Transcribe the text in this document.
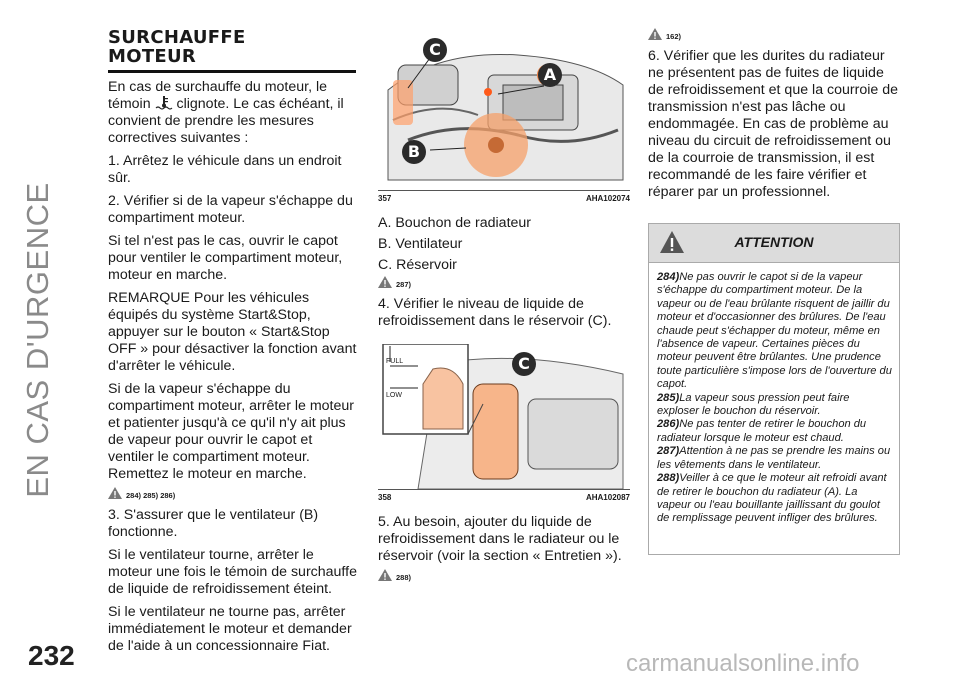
EN CAS D'URGENCE
SURCHAUFFE
MOTEUR

En cas de surchauffe du moteur, le témoin clignote. Le cas échéant, il convient de prendre les mesures correctives suivantes :

1. Arrêtez le véhicule dans un endroit sûr.

2. Vérifier si de la vapeur s'échappe du compartiment moteur.

Si tel n'est pas le cas, ouvrir le capot pour ventiler le compartiment moteur, moteur en marche.

REMARQUE Pour les véhicules équipés du système Start&Stop, appuyer sur le bouton « Start&Stop OFF » pour désactiver la fonction avant d'arrêter le véhicule.

Si de la vapeur s'échappe du compartiment moteur, arrêter le moteur et patienter jusqu'à ce qu'il n'y ait plus de vapeur pour ouvrir le capot et ventiler le compartiment moteur. Remettez le moteur en marche.

284) 285) 286)

3. S'assurer que le ventilateur (B) fonctionne.

Si le ventilateur tourne, arrêter le moteur une fois le témoin de surchauffe de liquide de refroidissement éteint.

Si le ventilateur ne tourne pas, arrêter immédiatement le moteur et demander de l'aide à un concessionnaire Fiat.

A
B
C
357	AHA102074

A. Bouchon de radiateur

B. Ventilateur

C. Réservoir

287)

4. Vérifier le niveau de liquide de refroidissement dans le réservoir (C).

FULL
LOW
C
358	AHA102087

5. Au besoin, ajouter du liquide de refroidissement dans le radiateur ou le réservoir (voir la section « Entretien »).

288)
162)

6. Vérifier que les durites du radiateur ne présentent pas de fuites de liquide de refroidissement et que la courroie de transmission n'est pas lâche ou endommagée. En cas de problème au niveau du circuit de refroidissement ou de la courroie de transmission, il est recommandé de les faire vérifier et réparer par un professionnel.

ATTENTION

284)Ne pas ouvrir le capot si de la vapeur s'échappe du compartiment moteur. De la vapeur ou de l'eau brûlante risquent de jaillir du moteur et d'occasionner des brûlures. De l'eau chaude peut s'échapper du moteur, même en l'absence de vapeur. Certaines pièces du moteur peuvent être brûlantes. Une prudence toute particulière s'impose lors de l'ouverture du capot.

285)La vapeur sous pression peut faire exploser le bouchon du réservoir.

286)Ne pas tenter de retirer le bouchon du radiateur lorsque le moteur est chaud.

287)Attention à ne pas se prendre les mains ou les vêtements dans le ventilateur.

288)Veiller à ce que le moteur ait refroidi avant de retirer le bouchon du radiateur (A). La vapeur ou l'eau bouillante jaillissant du goulot de remplissage peuvent infliger des brûlures.

232	carmanualsonline.info
